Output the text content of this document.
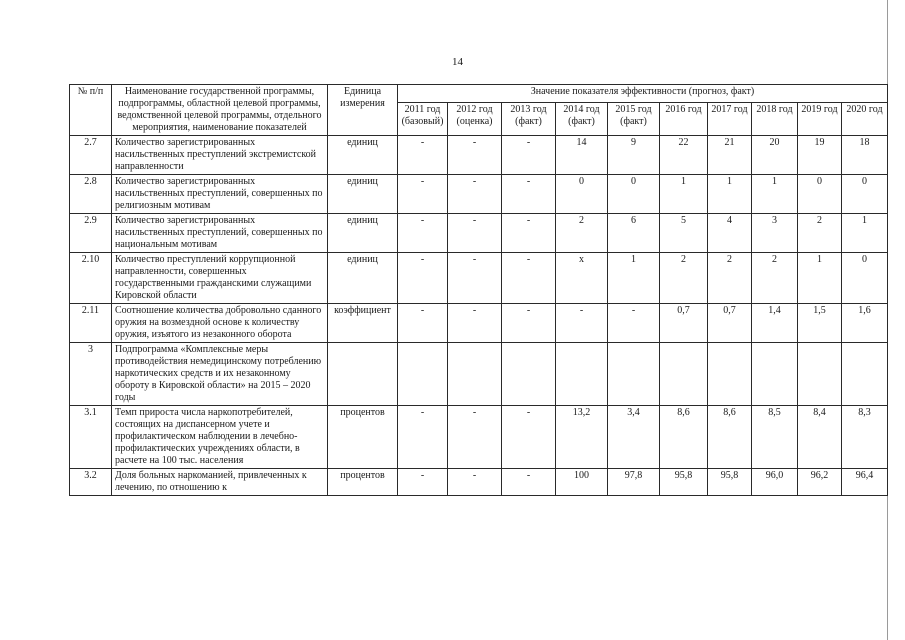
14
№ п/п	Наименование государственной программы, подпрограммы, областной целевой программы, ведомственной целевой программы, отдельного мероприятия, наименование показателей	Единица измерения	Значение показателя эффективности (прогноз, факт)									
			2011 год (базовый)	2012 год (оценка)	2013 год (факт)	2014 год (факт)	2015 год (факт)	2016 год	2017 год	2018 год	2019 год	2020 год
2.7	Количество зарегистрированных насильственных преступлений экстремистской направленности	единиц	-	-	-	14	9	22	21	20	19	18
2.8	Количество зарегистрированных насильственных преступлений, совершенных по религиозным мотивам	единиц	-	-	-	0	0	1	1	1	0	0
2.9	Количество зарегистрированных насильственных преступлений, совершенных по национальным мотивам	единиц	-	-	-	2	6	5	4	3	2	1
2.10	Количество преступлений коррупционной направленности, совершенных государственными гражданскими служащими Кировской области	единиц	-	-	-	x	1	2	2	2	1	0
2.11	Соотношение количества добровольно сданного оружия на возмездной основе к количеству оружия, изъятого из незаконного оборота	коэффициент	-	-	-	-	-	0,7	0,7	1,4	1,5	1,6
3	Подпрограмма «Комплексные меры противодействия немедицинскому потреблению наркотических средств и их незаконному обороту в Кировской области» на 2015 – 2020 годы											
3.1	Темп прироста числа наркопотребителей, состоящих на диспансерном учете и профилактическом наблюдении в лечебно-профилактических учреждениях области, в расчете на 100 тыс. населения	процентов	-	-	-	13,2	3,4	8,6	8,6	8,5	8,4	8,3
3.2	Доля больных наркоманией, привлеченных к лечению, по отношению к	процентов	-	-	-	100	97,8	95,8	95,8	96,0	96,2	96,4
